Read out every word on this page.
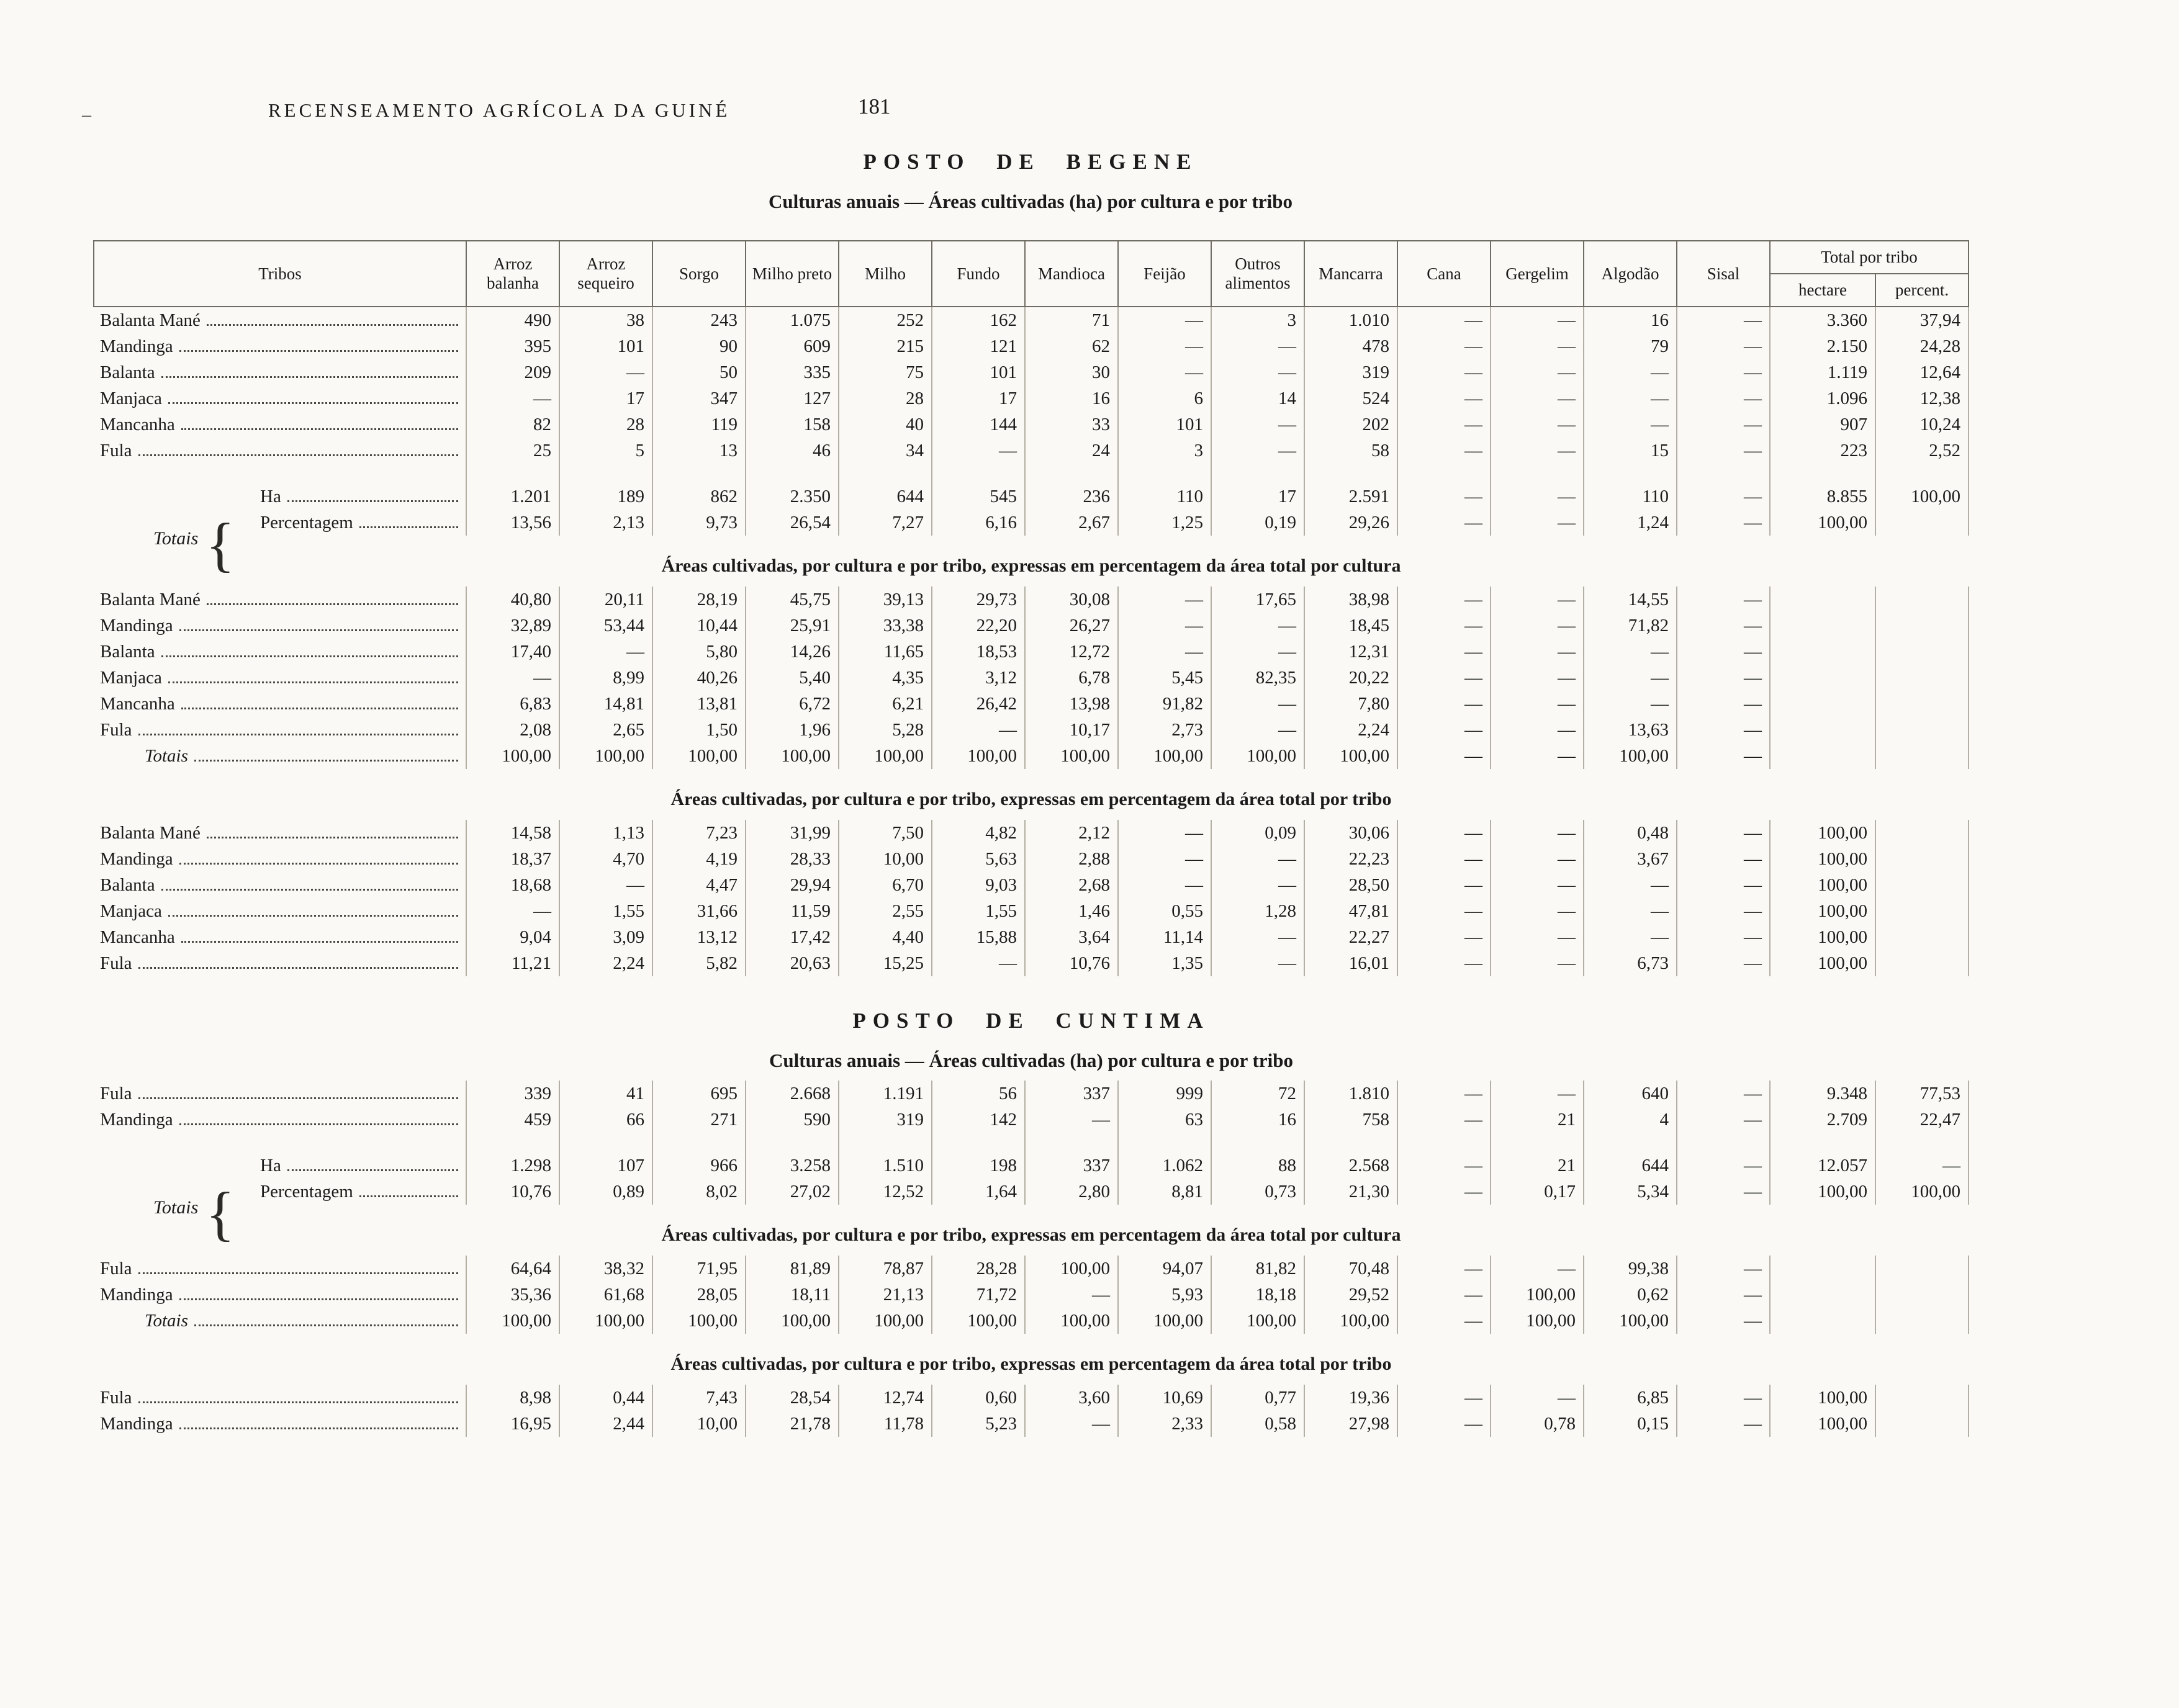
–	RECENSEAMENTO AGRÍCOLA DA GUINÉ	181
POSTO DE BEGENE
Culturas anuais — Áreas cultivadas (ha) por cultura e por tribo
Tribos	Arroz balanha	Arroz sequeiro	Sorgo	Milho preto	Milho	Fundo	Mandioca	Feijão	Outros alimentos	Mancarra	Cana	Gergelim	Algodão	Sisal	Total por tribo	
															hectare	percent.

Balanta Mané	490	38	243	1.075	252	162	71	—	3	1.010	—	—	16	—	3.360	37,94

Mandinga	395	101	90	609	215	121	62	—	—	478	—	—	79	—	2.150	24,28

Balanta	209	—	50	335	75	101	30	—	—	319	—	—	—	—	1.119	12,64

Manjaca	—	17	347	127	28	17	16	6	14	524	—	—	—	—	1.096	12,38

Mancanha	82	28	119	158	40	144	33	101	—	202	—	—	—	—	907	10,24

Fula	25	5	13	46	34	—	24	3	—	58	—	—	15	—	223	2,52

Totais {
Ha	1.201	189	862	2.350	644	545	236	110	17	2.591	—	—	110	—	8.855	100,00

Percentagem	13,56	2,13	9,73	26,54	7,27	6,16	2,67	1,25	0,19	29,26	—	—	1,24	—	100,00	
Áreas cultivadas, por cultura e por tribo, expressas em percentagem da área total por cultura																

Balanta Mané	40,80	20,11	28,19	45,75	39,13	29,73	30,08	—	17,65	38,98	—	—	14,55	—		

Mandinga	32,89	53,44	10,44	25,91	33,38	22,20	26,27	—	—	18,45	—	—	71,82	—		

Balanta	17,40	—	5,80	14,26	11,65	18,53	12,72	—	—	12,31	—	—	—	—		

Manjaca	—	8,99	40,26	5,40	4,35	3,12	6,78	5,45	82,35	20,22	—	—	—	—		

Mancanha	6,83	14,81	13,81	6,72	6,21	26,42	13,98	91,82	—	7,80	—	—	—	—		

Fula	2,08	2,65	1,50	1,96	5,28	—	10,17	2,73	—	2,24	—	—	13,63	—		

Totais	100,00	100,00	100,00	100,00	100,00	100,00	100,00	100,00	100,00	100,00	—	—	100,00	—		
Áreas cultivadas, por cultura e por tribo, expressas em percentagem da área total por tribo																

Balanta Mané	14,58	1,13	7,23	31,99	7,50	4,82	2,12	—	0,09	30,06	—	—	0,48	—	100,00	

Mandinga	18,37	4,70	4,19	28,33	10,00	5,63	2,88	—	—	22,23	—	—	3,67	—	100,00	

Balanta	18,68	—	4,47	29,94	6,70	9,03	2,68	—	—	28,50	—	—	—	—	100,00	

Manjaca	—	1,55	31,66	11,59	2,55	1,55	1,46	0,55	1,28	47,81	—	—	—	—	100,00	

Mancanha	9,04	3,09	13,12	17,42	4,40	15,88	3,64	11,14	—	22,27	—	—	—	—	100,00	

Fula	11,21	2,24	5,82	20,63	15,25	—	10,76	1,35	—	16,01	—	—	6,73	—	100,00	
POSTO DE CUNTIMA																
Culturas anuais — Áreas cultivadas (ha) por cultura e por tribo																

Fula	339	41	695	2.668	1.191	56	337	999	72	1.810	—	—	640	—	9.348	77,53

Mandinga	459	66	271	590	319	142	—	63	16	758	—	21	4	—	2.709	22,47

Totais {
Ha	1.298	107	966	3.258	1.510	198	337	1.062	88	2.568	—	21	644	—	12.057	—

Percentagem	10,76	0,89	8,02	27,02	12,52	1,64	2,80	8,81	0,73	21,30	—	0,17	5,34	—	100,00	100,00
Áreas cultivadas, por cultura e por tribo, expressas em percentagem da área total por cultura																

Fula	64,64	38,32	71,95	81,89	78,87	28,28	100,00	94,07	81,82	70,48	—	—	99,38	—		

Mandinga	35,36	61,68	28,05	18,11	21,13	71,72	—	5,93	18,18	29,52	—	100,00	0,62	—		

Totais	100,00	100,00	100,00	100,00	100,00	100,00	100,00	100,00	100,00	100,00	—	100,00	100,00	—		
Áreas cultivadas, por cultura e por tribo, expressas em percentagem da área total por tribo																

Fula	8,98	0,44	7,43	28,54	12,74	0,60	3,60	10,69	0,77	19,36	—	—	6,85	—	100,00	

Mandinga	16,95	2,44	10,00	21,78	11,78	5,23	—	2,33	0,58	27,98	—	0,78	0,15	—	100,00	
